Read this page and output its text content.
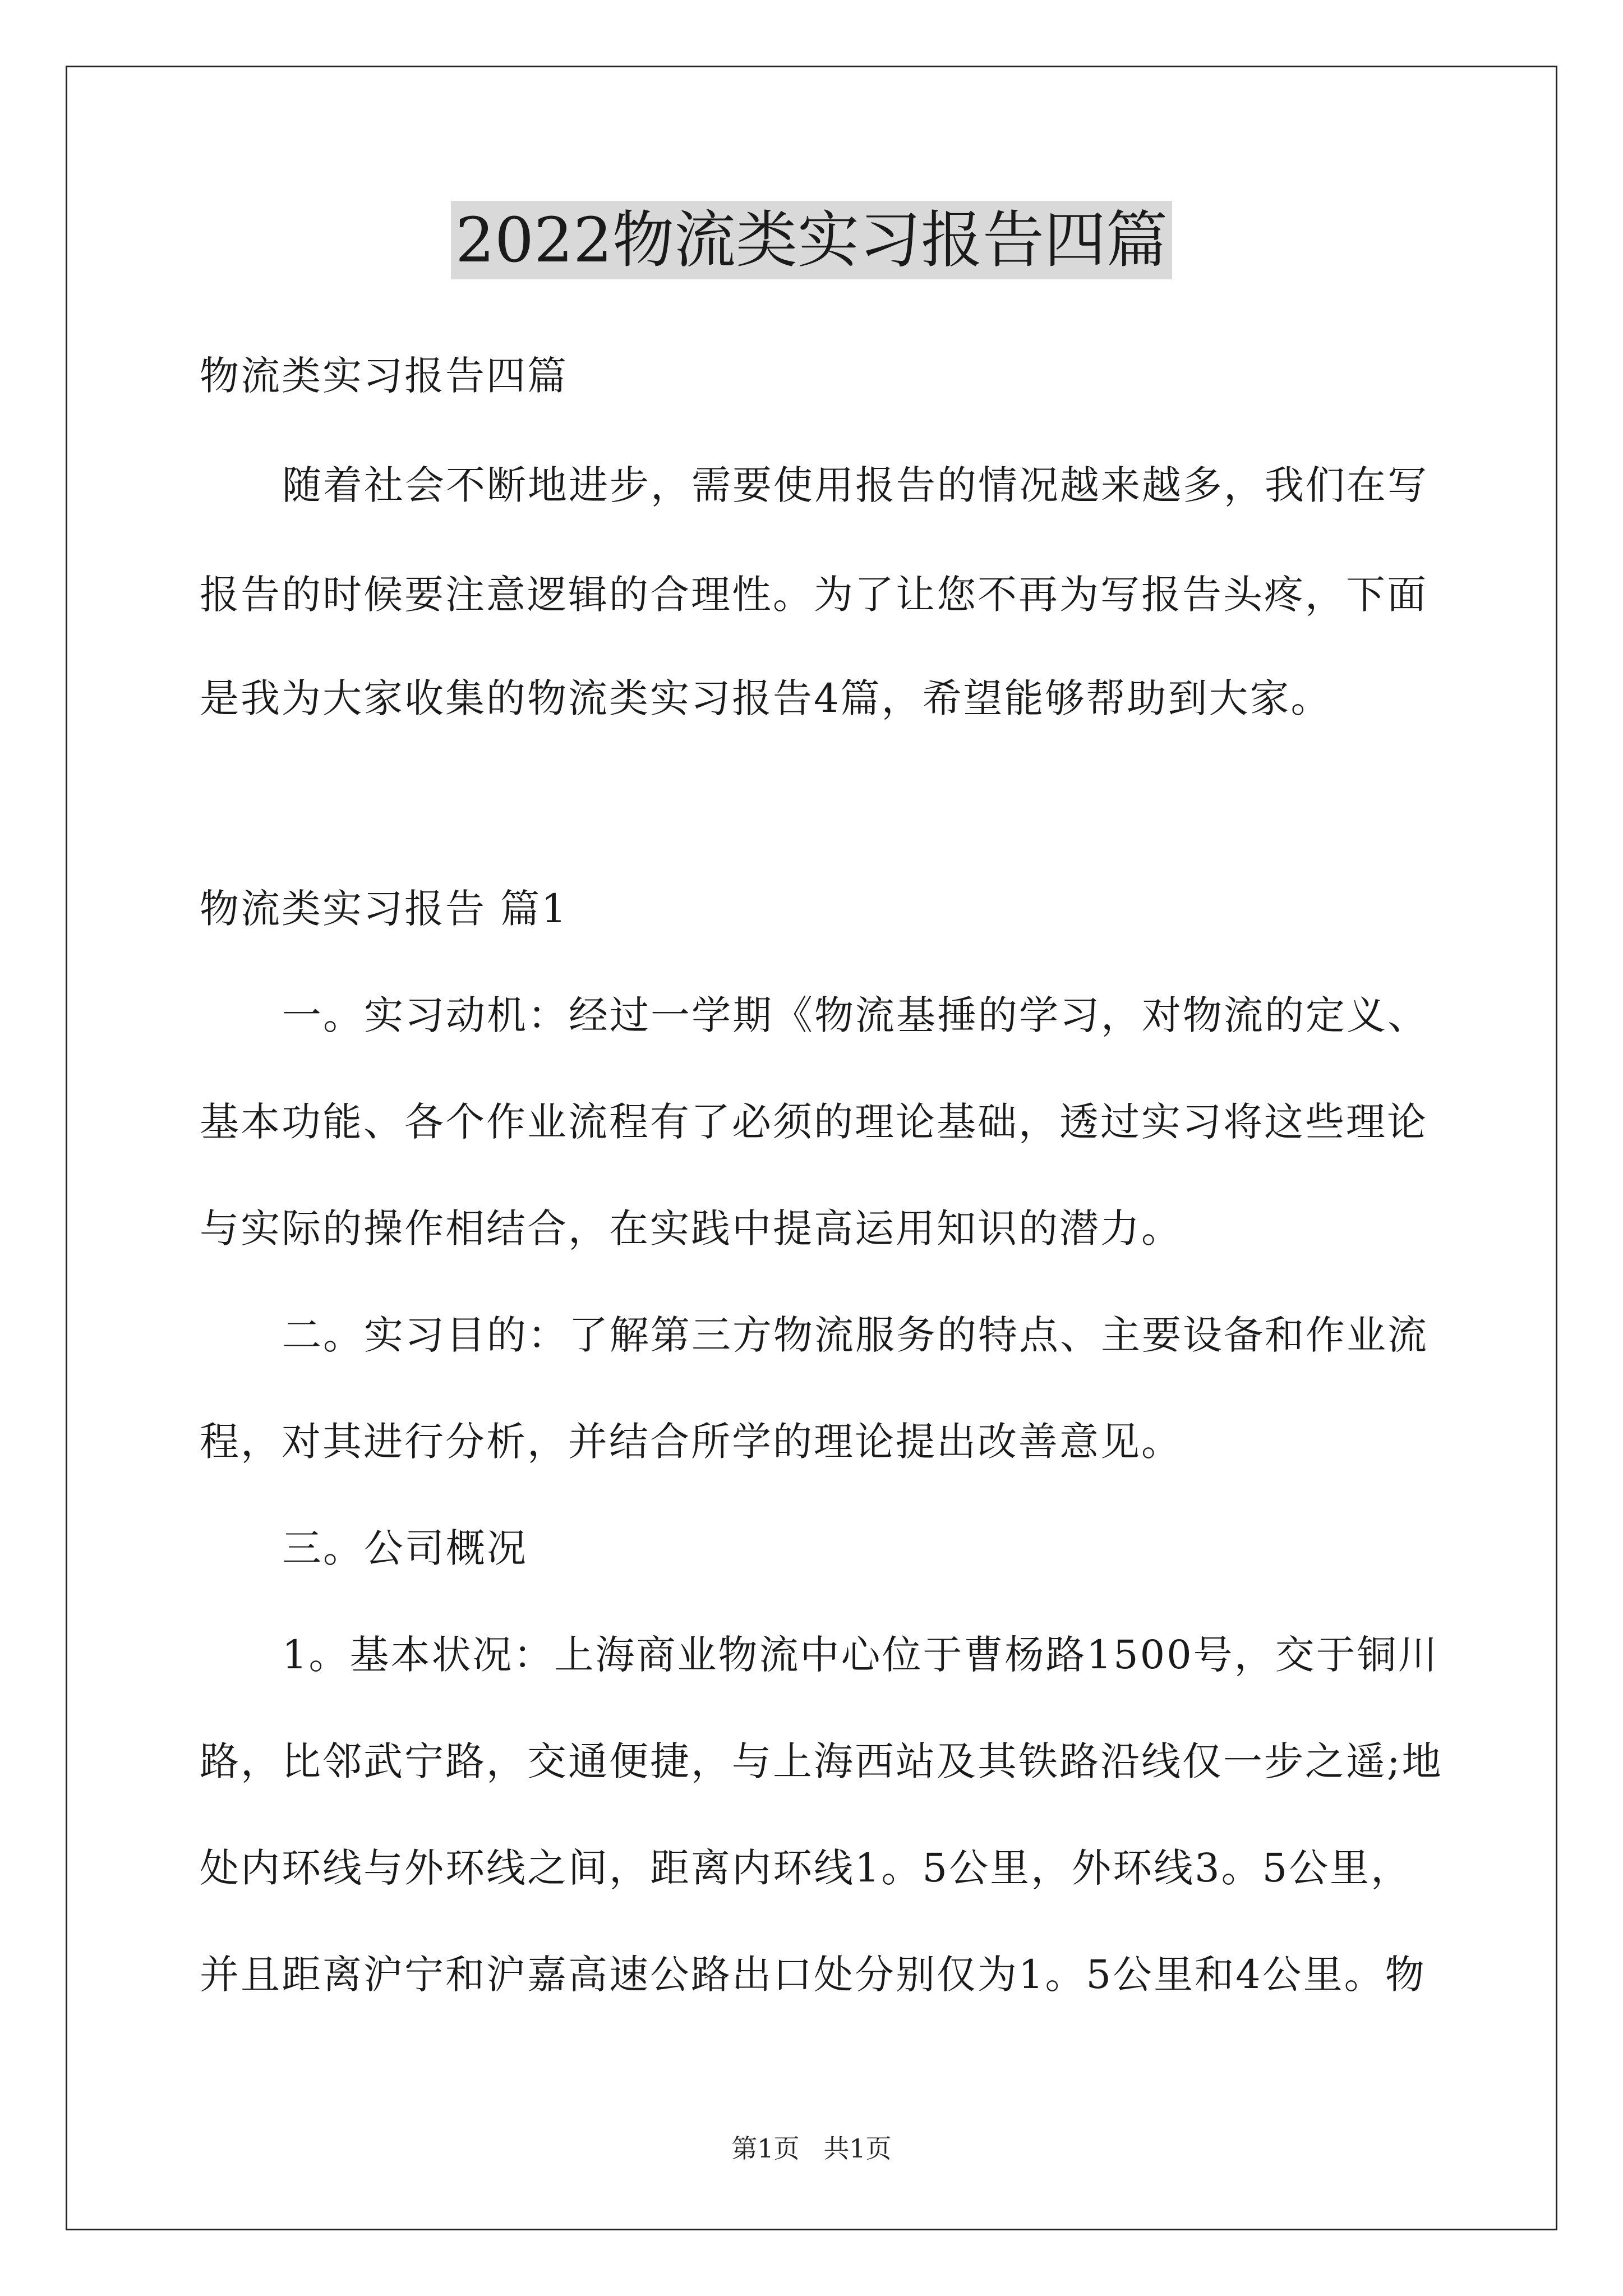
2022物流类实习报告四篇
物流类实习报告四篇
随着社会不断地进步，需要使用报告的情况越来越多，我们在写
报告的时候要注意逻辑的合理性。为了让您不再为写报告头疼，下面
是我为大家收集的物流类实习报告4篇，希望能够帮助到大家。
物流类实习报告 篇1
一。实习动机：经过一学期《物流基捶的学习，对物流的定义、
基本功能、各个作业流程有了必须的理论基础，透过实习将这些理论
与实际的操作相结合，在实践中提高运用知识的潜力。
二。实习目的：了解第三方物流服务的特点、主要设备和作业流
程，对其进行分析，并结合所学的理论提出改善意见。
三。公司概况
1。基本状况：上海商业物流中心位于曹杨路1500号，交于铜川
路，比邻武宁路，交通便捷，与上海西站及其铁路沿线仅一步之遥;地
处内环线与外环线之间，距离内环线1。5公里，外环线3。5公里，
并且距离沪宁和沪嘉高速公路出口处分别仅为1。5公里和4公里。物
第1页 共1页
